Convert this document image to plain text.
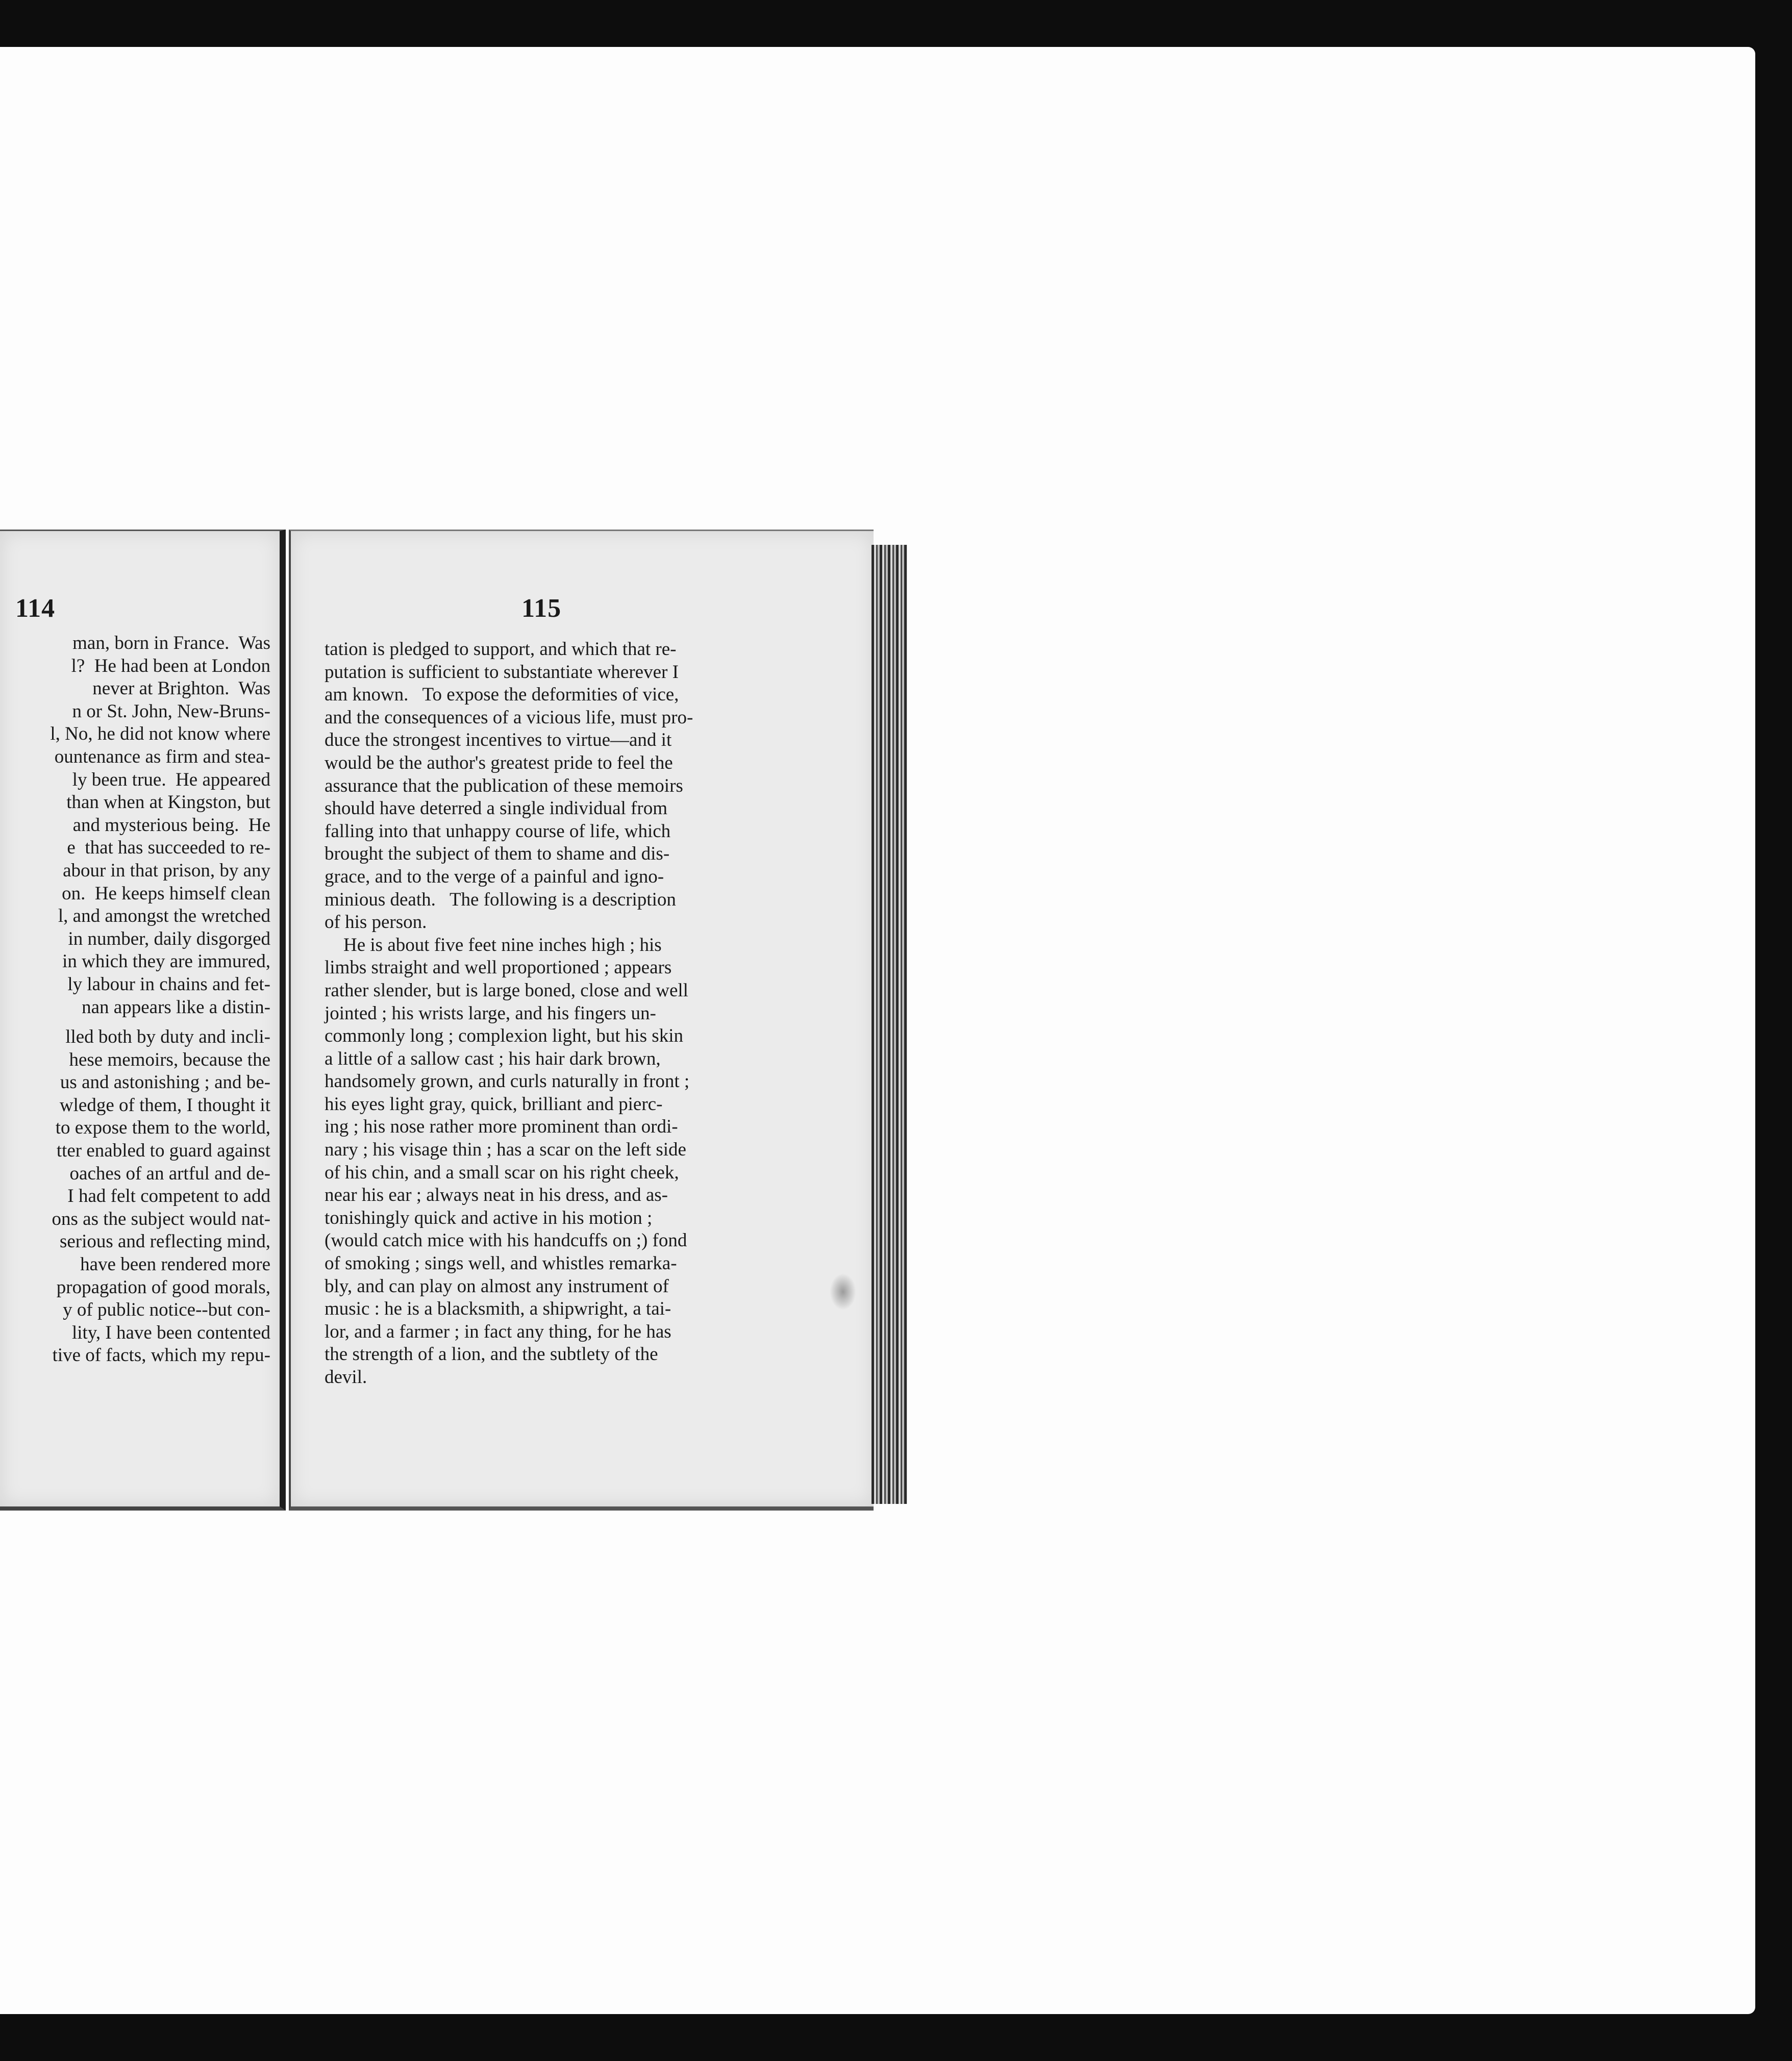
114
man, born in France.  Was
l?  He had been at London
never at Brighton.  Was
n or St. John, New-Bruns-
l, No, he did not know where
ountenance as firm and stea-
ly been true.  He appeared
than when at Kingston, but
and mysterious being.  He
e  that has succeeded to re-
abour in that prison, by any
on.  He keeps himself clean
l, and amongst the wretched
in number, daily disgorged
in which they are immured,
ly labour in chains and fet-
nan appears like a distin-
lled both by duty and incli-
hese memoirs, because the
us and astonishing ; and be-
wledge of them, I thought it
to expose them to the world,
tter enabled to guard against
oaches of an artful and de-
I had felt competent to add
ons as the subject would nat-
serious and reflecting mind,
have been rendered more
propagation of good morals,
y of public notice--but con-
lity, I have been contented
tive of facts, which my repu-
115
tation is pledged to support, and which that re-
putation is sufficient to substantiate wherever I
am known.   To expose the deformities of vice,
and the consequences of a vicious life, must pro-
duce the strongest incentives to virtue—and it
would be the author's greatest pride to feel the
assurance that the publication of these memoirs
should have deterred a single individual from
falling into that unhappy course of life, which
brought the subject of them to shame and dis-
grace, and to the verge of a painful and igno-
minious death.   The following is a description
of his person.
He is about five feet nine inches high ; his
limbs straight and well proportioned ; appears
rather slender, but is large boned, close and well
jointed ; his wrists large, and his fingers un-
commonly long ; complexion light, but his skin
a little of a sallow cast ; his hair dark brown,
handsomely grown, and curls naturally in front ;
his eyes light gray, quick, brilliant and pierc-
ing ; his nose rather more prominent than ordi-
nary ; his visage thin ; has a scar on the left side
of his chin, and a small scar on his right cheek,
near his ear ; always neat in his dress, and as-
tonishingly quick and active in his motion ;
(would catch mice with his handcuffs on ;) fond
of smoking ; sings well, and whistles remarka-
bly, and can play on almost any instrument of
music : he is a blacksmith, a shipwright, a tai-
lor, and a farmer ; in fact any thing, for he has
the strength of a lion, and the subtlety of the
devil.
